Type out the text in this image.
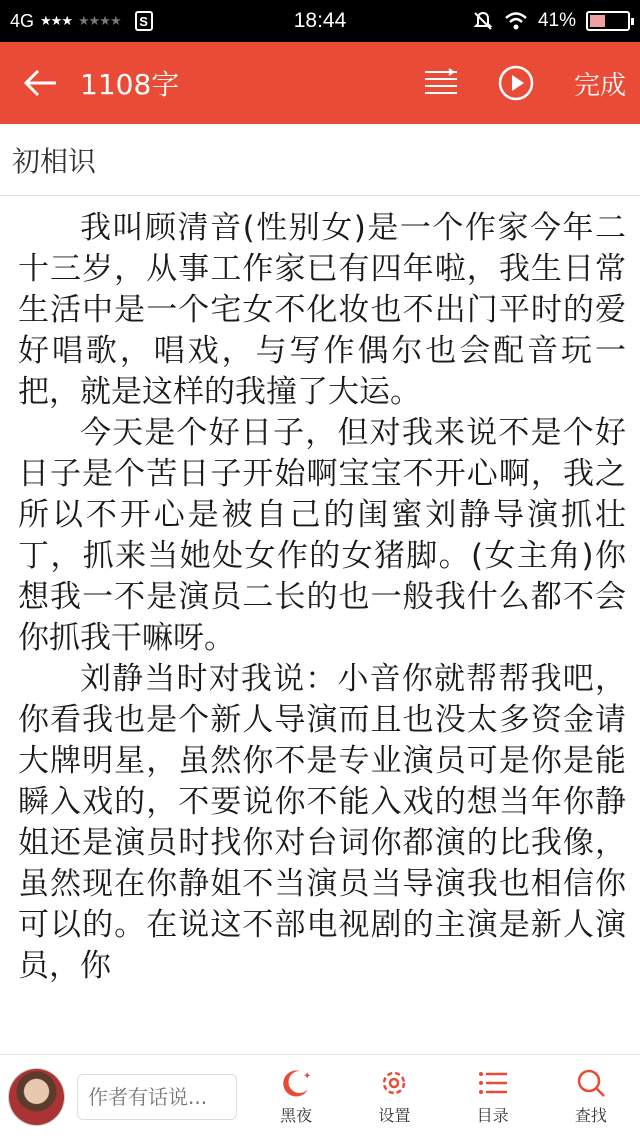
4G ★★★ ★★★★	S	18:44	41%
1108字	完成
初相识

我叫顾清音(性别女)是一个作家今年二十三岁，从事工作家已有四年啦，我生日常生活中是一个宅女不化妆也不出门平时的爱好唱歌，唱戏，与写作偶尔也会配音玩一把，就是这样的我撞了大运。

今天是个好日子，但对我来说不是个好日子是个苦日子开始啊宝宝不开心啊，我之所以不开心是被自己的闺蜜刘静导演抓壮丁，抓来当她处女作的女猪脚。(女主角)你想我一不是演员二长的也一般我什么都不会你抓我干嘛呀。

刘静当时对我说：小音你就帮帮我吧，你看我也是个新人导演而且也没太多资金请大牌明星，虽然你不是专业演员可是你是能瞬入戏的，不要说你不能入戏的想当年你静姐还是演员时找你对台词你都演的比我像，虽然现在你静姐不当演员当导演我也相信你可以的。在说这不部电视剧的主演是新人演员，你

作者有话说...
✦
黑夜	设置	目录	查找
